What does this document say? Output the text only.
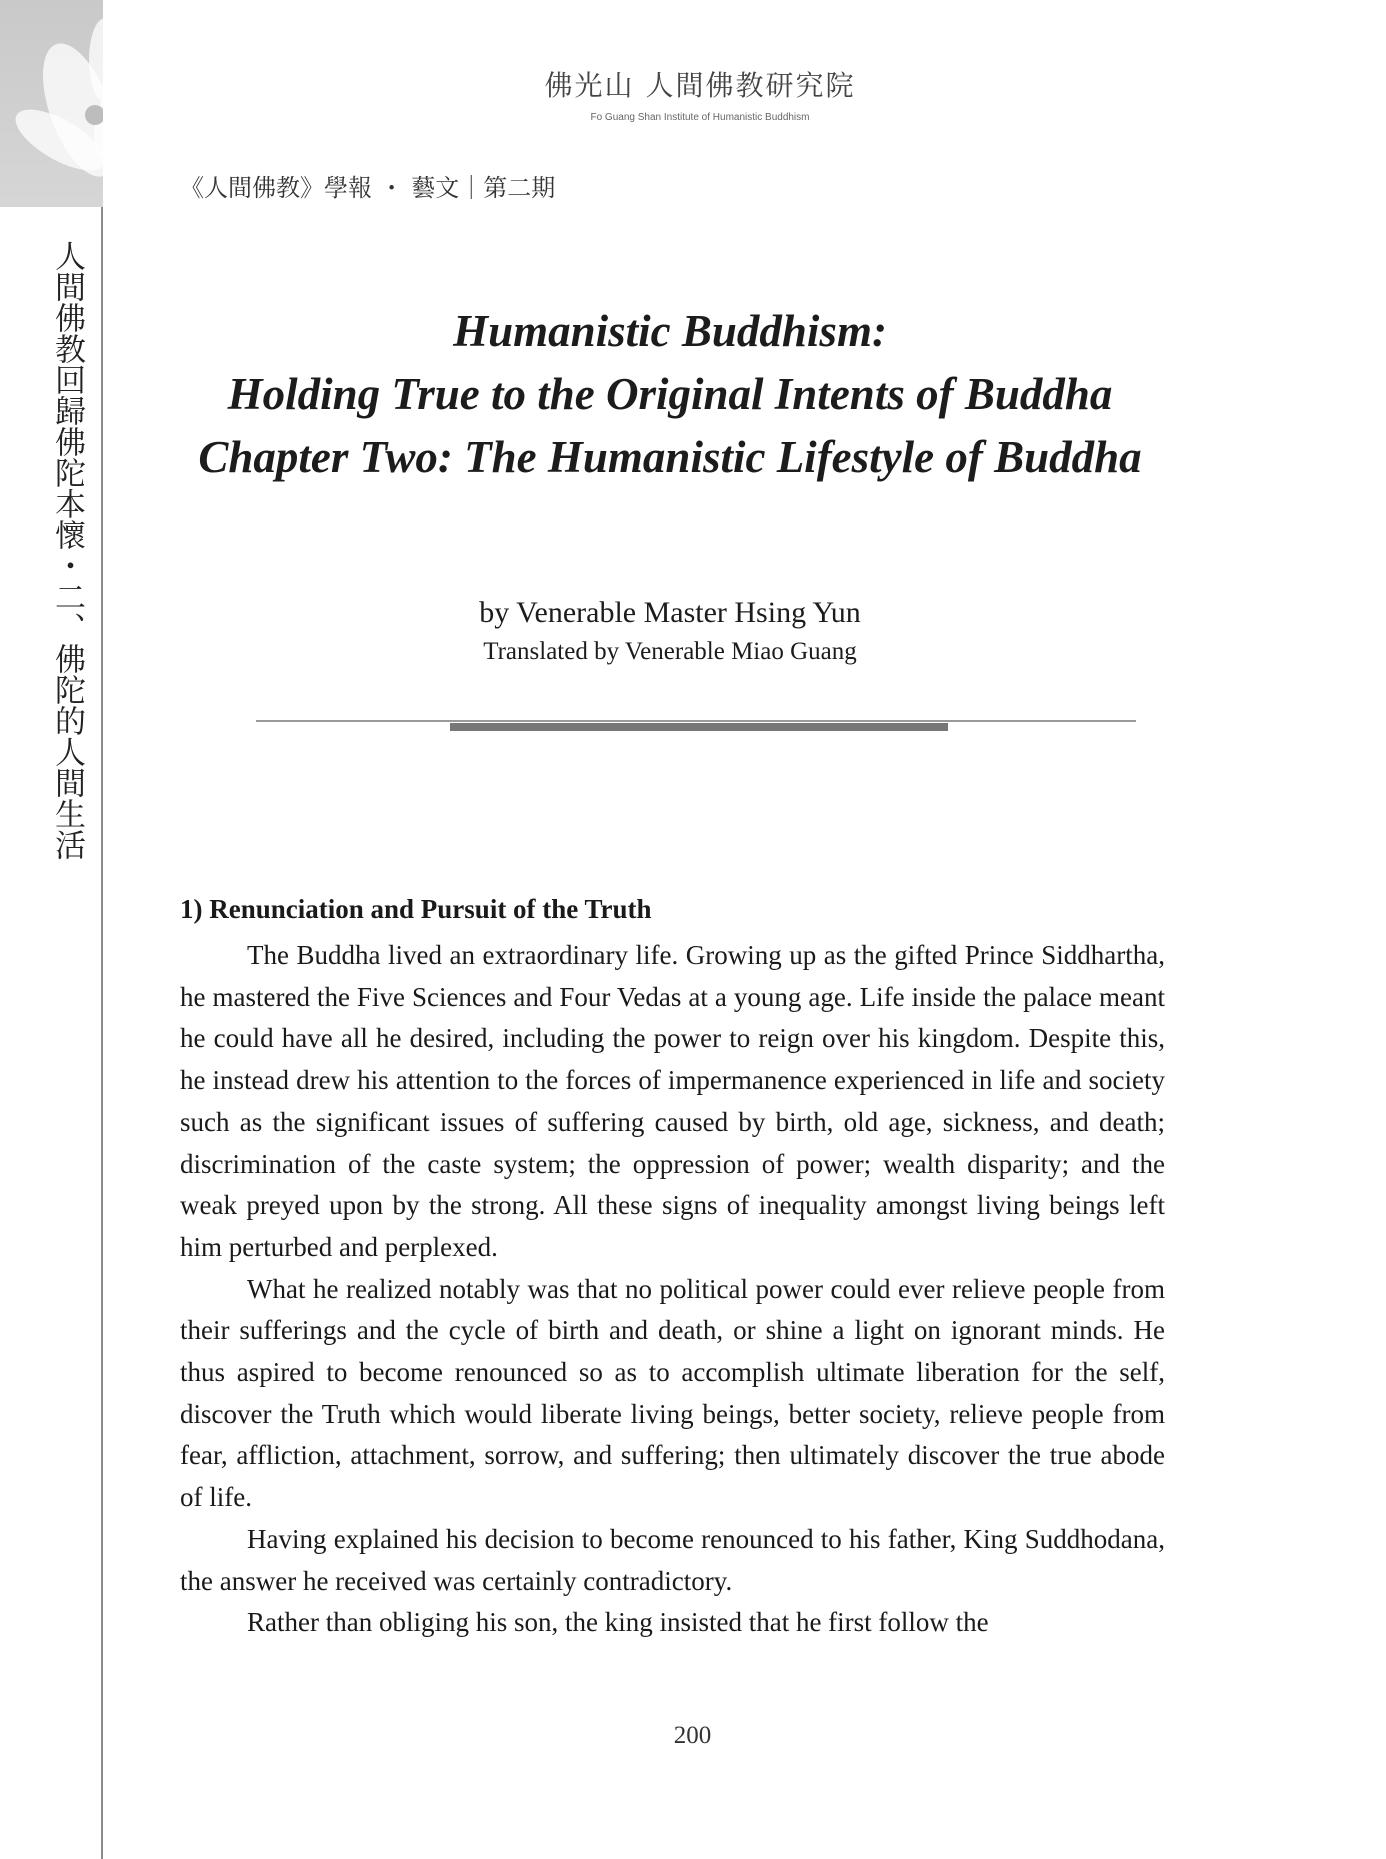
人間佛教回歸佛陀本懷・二、佛陀的人間生活
佛光山 人間佛教研究院
Fo Guang Shan Institute of Humanistic Buddhism
《人間佛教》學報 ・ 藝文｜第二期
Humanistic Buddhism:
Holding True to the Original Intents of Buddha
Chapter Two: The Humanistic Lifestyle of Buddha
by Venerable Master Hsing Yun
Translated by Venerable Miao Guang
1) Renunciation and Pursuit of the Truth

The Buddha lived an extraordinary life. Growing up as the gifted Prince Siddhartha, he mastered the Five Sciences and Four Vedas at a young age. Life inside the palace meant he could have all he desired, including the power to reign over his kingdom. Despite this, he instead drew his attention to the forces of impermanence experienced in life and society such as the significant issues of suffering caused by birth, old age, sickness, and death; discrimination of the caste system; the oppression of power; wealth disparity; and the weak preyed upon by the strong. All these signs of inequality amongst living beings left him perturbed and perplexed.

What he realized notably was that no political power could ever relieve people from their sufferings and the cycle of birth and death, or shine a light on ignorant minds. He thus aspired to become renounced so as to accomplish ultimate liberation for the self, discover the Truth which would liberate living beings, better society, relieve people from fear, affliction, attachment, sorrow, and suffering; then ultimately discover the true abode of life.

Having explained his decision to become renounced to his father, King Suddhodana, the answer he received was certainly contradictory.

Rather than obliging his son, the king insisted that he first follow the

200
